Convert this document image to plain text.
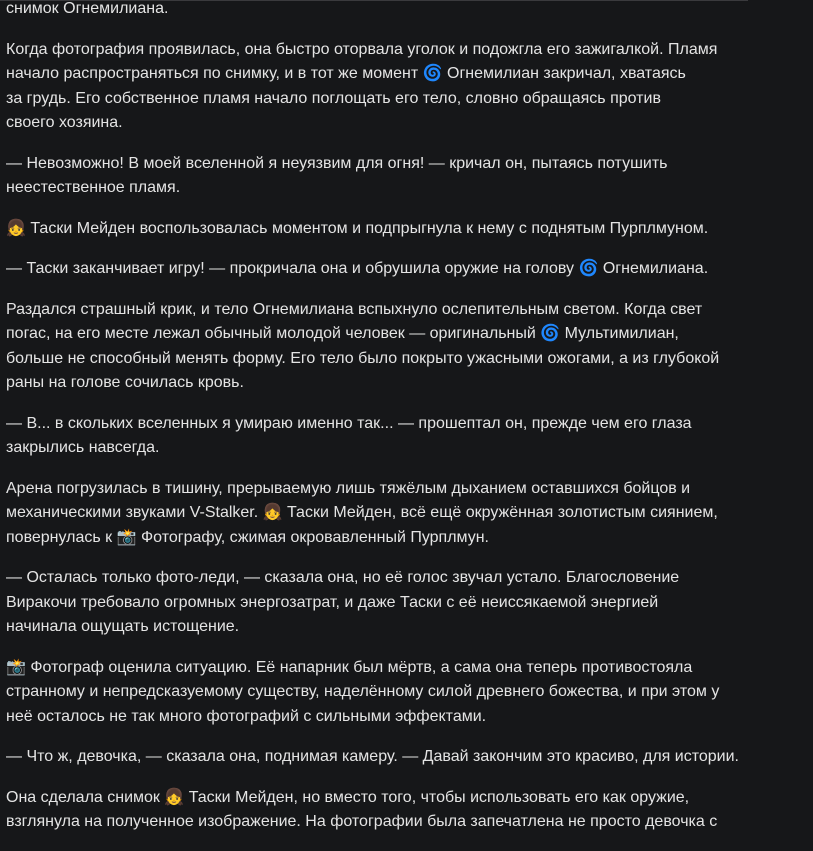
снимок Огнемилиана.

Когда фотография проявилась, она быстро оторвала уголок и подожгла его зажигалкой. Пламя
начало распространяться по снимку, и в тот же момент 🌀 Огнемилиан закричал, хватаясь
за грудь. Его собственное пламя начало поглощать его тело, словно обращаясь против
своего хозяина.

— Невозможно! В моей вселенной я неуязвим для огня! — кричал он, пытаясь потушить
неестественное пламя.

👧 Таски Мейден воспользовалась моментом и подпрыгнула к нему с поднятым Пурплмуном.

— Таски заканчивает игру! — прокричала она и обрушила оружие на голову 🌀 Огнемилиана.

Раздался страшный крик, и тело Огнемилиана вспыхнуло ослепительным светом. Когда свет
погас, на его месте лежал обычный молодой человек — оригинальный 🌀 Мультимилиан,
больше не способный менять форму. Его тело было покрыто ужасными ожогами, а из глубокой
раны на голове сочилась кровь.

— В... в скольких вселенных я умираю именно так... — прошептал он, прежде чем его глаза
закрылись навсегда.

Арена погрузилась в тишину, прерываемую лишь тяжёлым дыханием оставшихся бойцов и
механическими звуками V-Stalker. 👧 Таски Мейден, всё ещё окружённая золотистым сиянием,
повернулась к 📸 Фотографу, сжимая окровавленный Пурплмун.

— Осталась только фото-леди, — сказала она, но её голос звучал устало. Благословение
Виракочи требовало огромных энергозатрат, и даже Таски с её неиссякаемой энергией
начинала ощущать истощение.

📸 Фотограф оценила ситуацию. Её напарник был мёртв, а сама она теперь противостояла
странному и непредсказуемому существу, наделённому силой древнего божества, и при этом у
неё осталось не так много фотографий с сильными эффектами.

— Что ж, девочка, — сказала она, поднимая камеру. — Давай закончим это красиво, для истории.

Она сделала снимок 👧 Таски Мейден, но вместо того, чтобы использовать его как оружие,
взглянула на полученное изображение. На фотографии была запечатлена не просто девочка с
